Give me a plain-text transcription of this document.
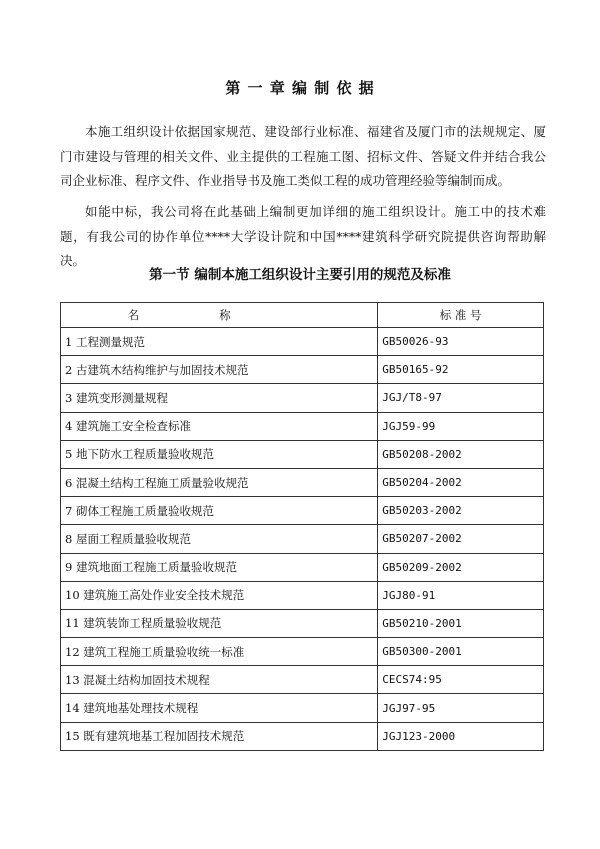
第 一 章 编 制 依 据

本施工组织设计依据国家规范、建设部行业标准、福建省及厦门市的法规规定、厦门市建设与管理的相关文件、业主提供的工程施工图、招标文件、答疑文件并结合我公司企业标准、程序文件、作业指导书及施工类似工程的成功管理经验等编制而成。

如能中标，我公司将在此基础上编制更加详细的施工组织设计。施工中的技术难题，有我公司的协作单位****大学设计院和中国****建筑科学研究院提供咨询帮助解决。

第一节 编制本施工组织设计主要引用的规范及标准
名称	标 准 号
1 工程测量规范	GB50026-93
2 古建筑木结构维护与加固技术规范	GB50165-92
3 建筑变形测量规程	JGJ/T8-97
4 建筑施工安全检查标准	JGJ59-99
5 地下防水工程质量验收规范	GB50208-2002
6 混凝土结构工程施工质量验收规范	GB50204-2002
7 砌体工程施工质量验收规范	GB50203-2002
8 屋面工程质量验收规范	GB50207-2002
9 建筑地面工程施工质量验收规范	GB50209-2002
10 建筑施工高处作业安全技术规范	JGJ80-91
11 建筑装饰工程质量验收规范	GB50210-2001
12 建筑工程施工质量验收统一标准	GB50300-2001
13 混凝土结构加固技术规程	CECS74:95
14 建筑地基处理技术规程	JGJ97-95
15 既有建筑地基工程加固技术规范	JGJ123-2000
